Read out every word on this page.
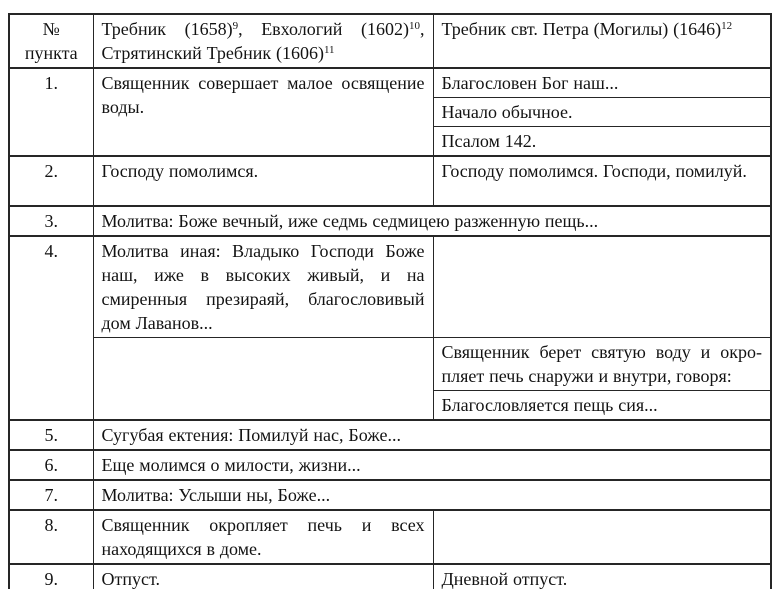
№ пункта	Требник $(1658)^9$, Евхологий $(1602)^{10}$, Стрятинский Требник $(1606)^{11}$	Требник свт. Петра (Могилы) $(1646)^{12}$
1.	Священник совершает малое освящение воды.	Благословен Бог наш...
		Начало обычное.
		Псалом 142.
2.	Господу помолимся.	Господу помолимся. Господи, помилуй.
3.	Молитва: Боже вечный, иже седмь седмицею разженную пещь...	
4.	Молитва иная: Владыко Господи Боже наш, иже в высоких живый, и на смиренныя презираяй, благословивый дом Лаванов...	
		Священник берет святую воду и окропляет печь снаружи и внутри, говоря:
		Благословляется пещь сия...
5.	Сугубая ектения: Помилуй нас, Боже...	
6.	Еще молимся о милости, жизни...	
7.	Молитва: Услыши ны, Боже...	
8.	Священник окропляет печь и всех находящихся в доме.	
9.	Отпуст.	Дневной отпуст.
